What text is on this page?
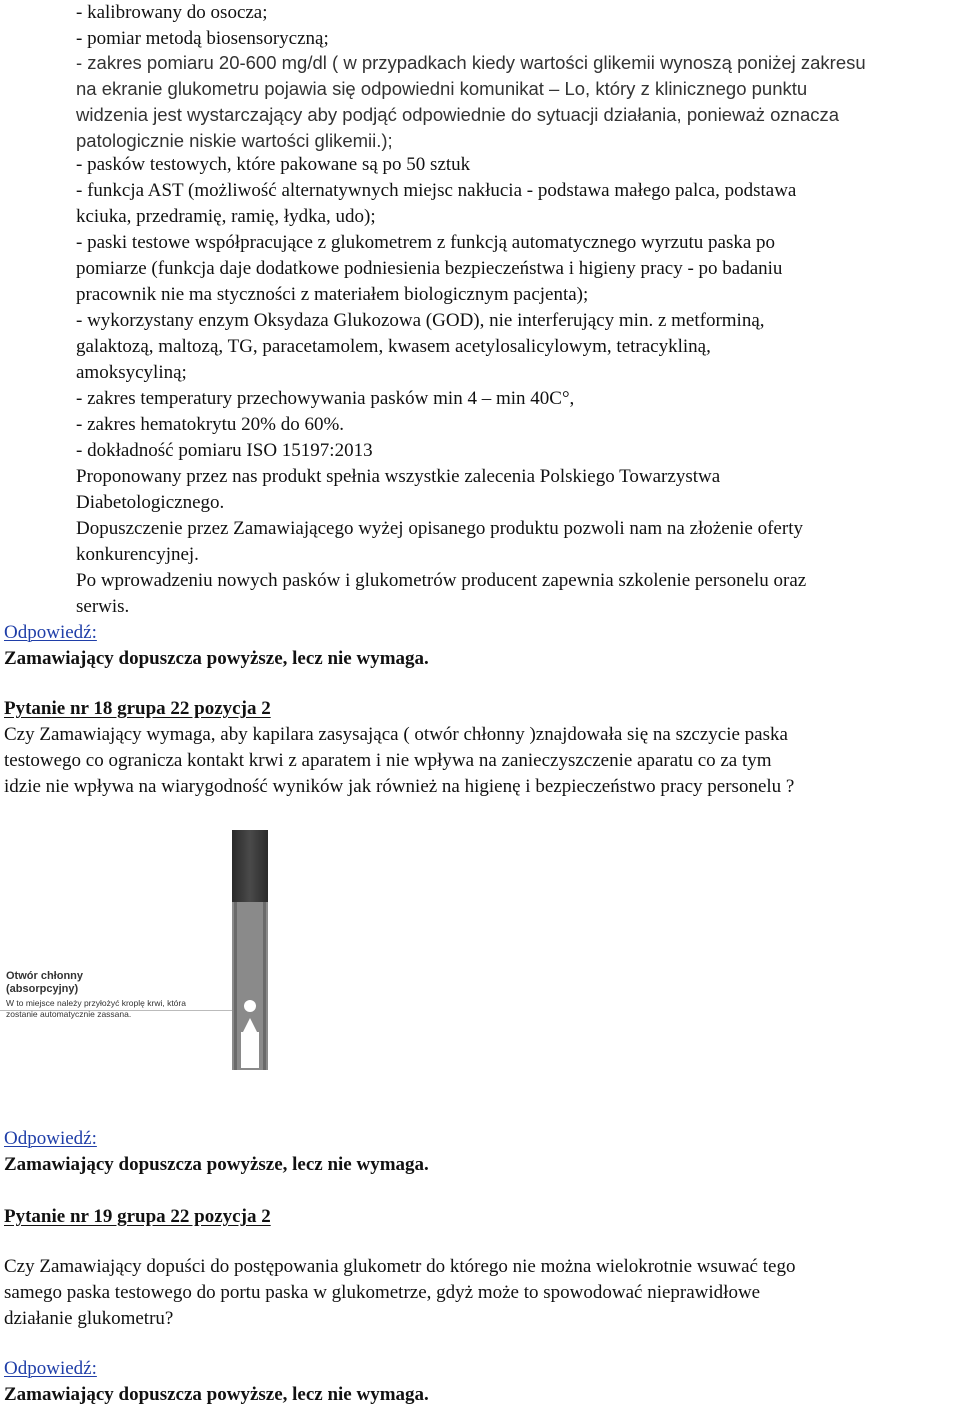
- kalibrowany do osocza;
- pomiar metodą biosensoryczną;
- zakres pomiaru 20-600 mg/dl ( w przypadkach kiedy wartości glikemii wynoszą poniżej zakresu
na ekranie glukometru pojawia się odpowiedni komunikat – Lo, który z klinicznego punktu
widzenia jest wystarczający aby podjąć odpowiednie do sytuacji działania, ponieważ oznacza
patologicznie niskie wartości glikemii.);
- pasków testowych, które pakowane są po 50 sztuk
- funkcja AST (możliwość alternatywnych miejsc nakłucia - podstawa małego palca, podstawa
kciuka, przedramię, ramię, łydka, udo);
- paski testowe współpracujące z glukometrem z funkcją automatycznego wyrzutu paska po
pomiarze (funkcja daje dodatkowe podniesienia bezpieczeństwa i higieny pracy - po badaniu
pracownik nie ma styczności z materiałem biologicznym pacjenta);
- wykorzystany enzym Oksydaza Glukozowa (GOD), nie interferujący min. z metforminą,
galaktozą, maltozą, TG, paracetamolem, kwasem acetylosalicylowym, tetracykliną,
amoksycyliną;
- zakres temperatury przechowywania pasków min 4 – min 40C°,
- zakres hematokrytu 20% do 60%.
- dokładność pomiaru ISO 15197:2013
Proponowany przez nas produkt spełnia wszystkie zalecenia Polskiego Towarzystwa
Diabetologicznego.
Dopuszczenie przez Zamawiającego wyżej opisanego produktu pozwoli nam na złożenie oferty
konkurencyjnej.
Po wprowadzeniu nowych pasków i glukometrów producent zapewnia szkolenie personelu oraz
serwis.
Odpowiedź:
Zamawiający dopuszcza powyższe, lecz nie wymaga.
Pytanie nr 18 grupa 22 pozycja 2
Czy Zamawiający wymaga, aby kapilara zasysająca ( otwór chłonny )znajdowała się na szczycie paska
testowego co ogranicza kontakt krwi z aparatem i nie wpływa na zanieczyszczenie aparatu co za tym
idzie nie wpływa na wiarygodność wyników jak również na higienę i bezpieczeństwo pracy personelu ?
Otwór chłonny
(absorpcyjny)
W to miejsce należy przyłożyć kroplę krwi, która
zostanie automatycznie zassana.
Odpowiedź:
Zamawiający dopuszcza powyższe, lecz nie wymaga.
Pytanie nr 19 grupa 22 pozycja 2
Czy Zamawiający dopuści do postępowania glukometr do którego nie można wielokrotnie wsuwać tego
samego paska testowego do portu paska w glukometrze, gdyż może to spowodować nieprawidłowe
działanie glukometru?
Odpowiedź:
Zamawiający dopuszcza powyższe, lecz nie wymaga.
